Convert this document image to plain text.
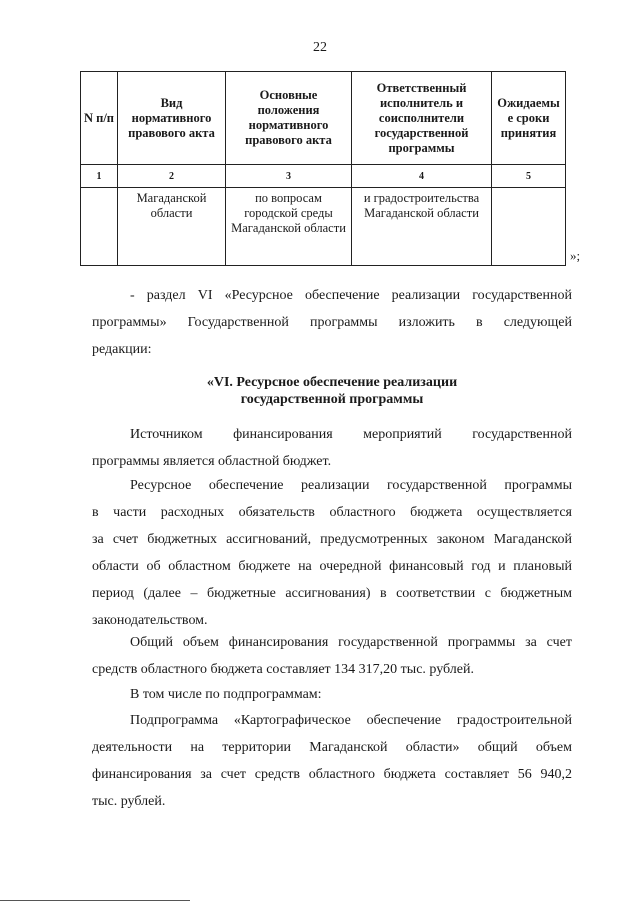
22
N п/п	Вид нормативного правового акта	Основные положения нормативного правового акта	Ответственный исполнитель и соисполнители государственной программы	Ожидаемы е сроки принятия
1	2	3	4	5
	Магаданской области	по вопросам городской среды Магаданской области	и градостроительства Магаданской области	
»;
- раздел VI «Ресурсное обеспечение реализации государственной
программы» Государственной программы изложить в следующей
редакции:
«VI. Ресурсное обеспечение реализации
государственной программы
Источником финансирования мероприятий государственной
программы является областной бюджет.
Ресурсное обеспечение реализации государственной программы
в части расходных обязательств областного бюджета осуществляется
за счет бюджетных ассигнований, предусмотренных законом Магаданской
области об областном бюджете на очередной финансовый год и плановый
период (далее – бюджетные ассигнования) в соответствии с бюджетным
законодательством.
Общий объем финансирования государственной программы за счет
средств областного бюджета составляет 134 317,20 тыс. рублей.
В том числе по подпрограммам:
Подпрограмма «Картографическое обеспечение градостроительной
деятельности на территории Магаданской области» общий объем
финансирования за счет средств областного бюджета составляет 56 940,2
тыс. рублей.
